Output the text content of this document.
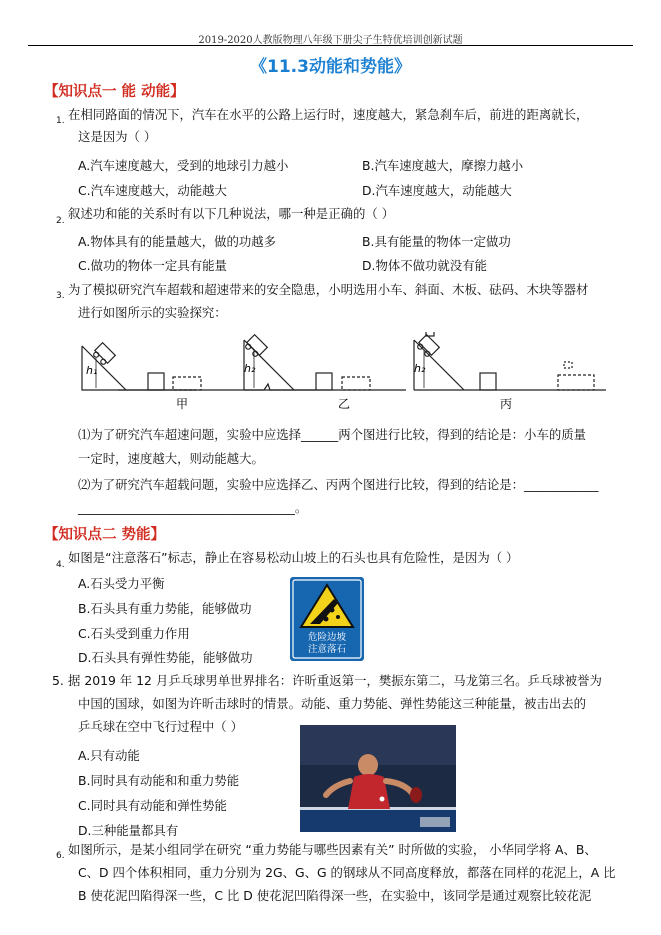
2019-2020人教版物理八年级下册尖子生特优培训创新试题
《11.3动能和势能》
【知识点一 能 动能】
1. 在相同路面的情况下，汽车在水平的公路上运行时，速度越大，紧急刹车后，前进的距离就长，
这是因为（ ）
A.汽车速度越大，受到的地球引力越小	B.汽车速度越大，摩擦力越小
C.汽车速度越大，动能越大	D.汽车速度越大，动能越大
2. 叙述功和能的关系时有以下几种说法，哪一种是正确的（ ）
A.物体具有的能量越大，做的功越多	B.具有能量的物体一定做功
C.做功的物体一定具有能量	D.物体不做功就没有能
3. 为了模拟研究汽车超载和超速带来的安全隐患，小明选用小车、斜面、木板、砝码、木块等器材
进行如图所示的实验探究：
h₁	h₂	h₂
甲	乙	丙
⑴为了研究汽车超速问题，实验中应选择______两个图进行比较，得到的结论是：小车的质量
一定时，速度越大，则动能越大。
⑵为了研究汽车超载问题，实验中应选择乙、丙两个图进行比较，得到的结论是：____________
___________________________________。
【知识点二 势能】
4. 如图是“注意落石”标志，静止在容易松动山坡上的石头也具有危险性，是因为（ ）
A.石头受力平衡
B.石头具有重力势能，能够做功
C.石头受到重力作用
D.石头具有弹性势能，能够做功
危险边坡
注意落石
5. 据 2019 年 12 月乒乓球男单世界排名：许昕重返第一，樊振东第二，马龙第三名。乒乓球被誉为
中国的国球，如图为许昕击球时的情景。动能、重力势能、弹性势能这三种能量，被击出去的
乒乓球在空中飞行过程中（ ）
A.只有动能
B.同时具有动能和和重力势能
C.同时具有动能和弹性势能
D.三种能量都具有
6. 如图所示，是某小组同学在研究 “重力势能与哪些因素有关” 时所做的实验， 小华同学将 A、B、
C、D 四个体积相同，重力分别为 2G、G、G 的钢球从不同高度释放，都落在同样的花泥上，A 比
B 使花泥凹陷得深一些，C 比 D 使花泥凹陷得深一些，在实验中，该同学是通过观察比较花泥
